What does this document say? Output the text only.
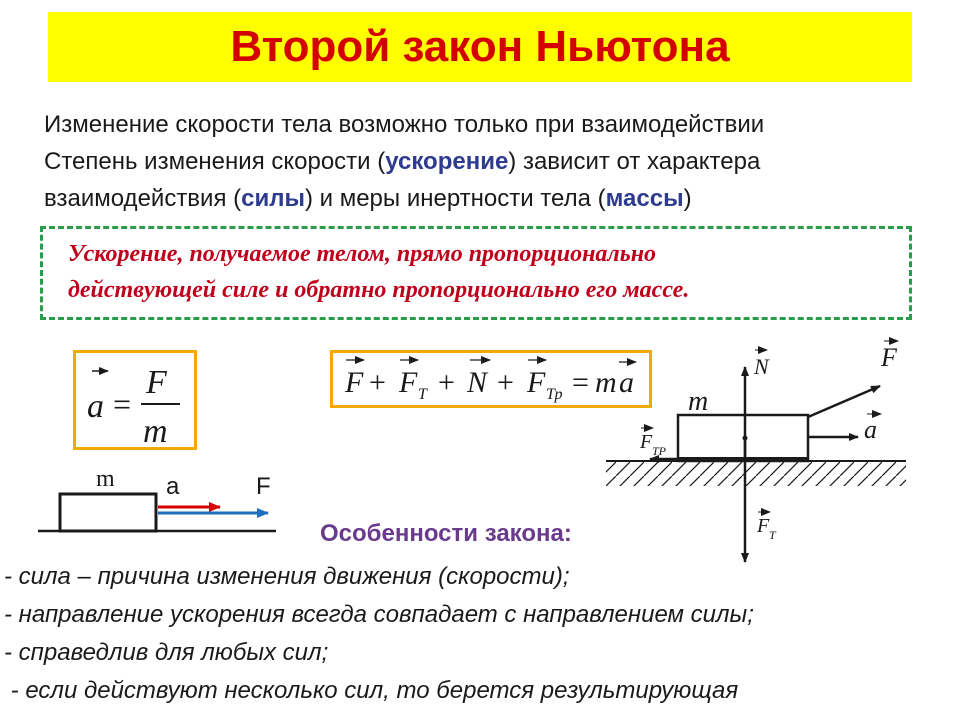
Второй закон Ньютона
Изменение скорости тела возможно только при взаимодействии
Степень изменения скорости (ускорение) зависит от характера
взаимодействия (силы) и меры инертности тела (массы)
Ускорение, получаемое телом, прямо пропорционально
действующей силе и обратно пропорционально его массе.
a =
F
m
F + F T + N + F Тр = m a
m a	F
m
N	F
a
F TP
F T
Особенности закона:
- сила – причина изменения движения (скорости);
- направление ускорения всегда совпадает с направлением силы;
- справедлив для любых сил;
- если действуют несколько сил, то берется результирующая
